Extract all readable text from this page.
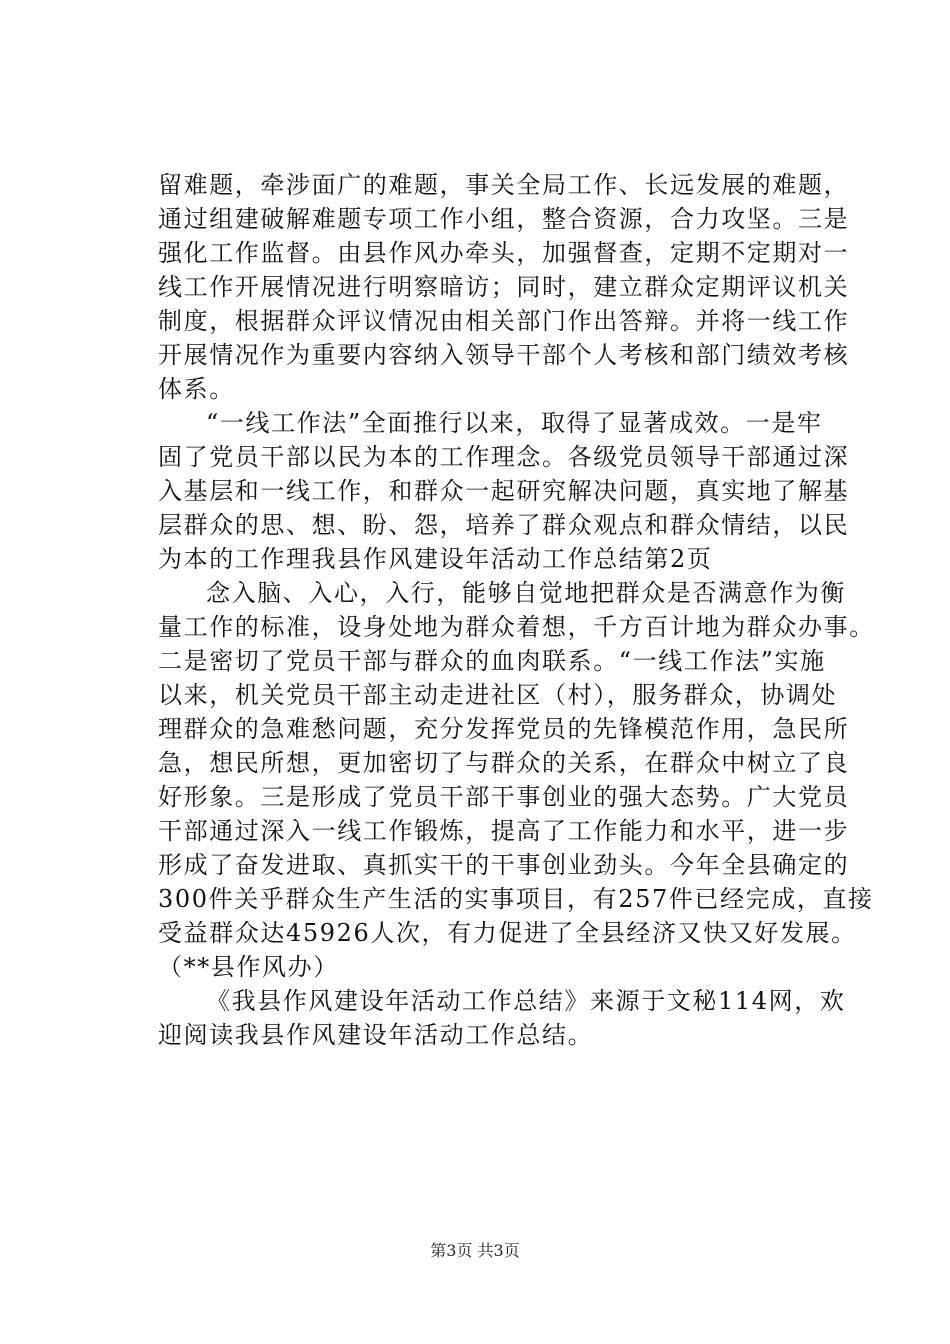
留难题，牵涉面广的难题，事关全局工作、长远发展的难题，
通过组建破解难题专项工作小组，整合资源，合力攻坚。三是
强化工作监督。由县作风办牵头，加强督查，定期不定期对一
线工作开展情况进行明察暗访；同时，建立群众定期评议机关
制度，根据群众评议情况由相关部门作出答辩。并将一线工作
开展情况作为重要内容纳入领导干部个人考核和部门绩效考核
体系。
“一线工作法”全面推行以来，取得了显著成效。一是牢
固了党员干部以民为本的工作理念。各级党员领导干部通过深
入基层和一线工作，和群众一起研究解决问题，真实地了解基
层群众的思、想、盼、怨，培养了群众观点和群众情结，以民
为本的工作理我县作风建设年活动工作总结第2页
念入脑、入心，入行，能够自觉地把群众是否满意作为衡
量工作的标准，设身处地为群众着想，千方百计地为群众办事。
二是密切了党员干部与群众的血肉联系。“一线工作法”实施
以来，机关党员干部主动走进社区（村），服务群众，协调处
理群众的急难愁问题，充分发挥党员的先锋模范作用，急民所
急，想民所想，更加密切了与群众的关系，在群众中树立了良
好形象。三是形成了党员干部干事创业的强大态势。广大党员
干部通过深入一线工作锻炼，提高了工作能力和水平，进一步
形成了奋发进取、真抓实干的干事创业劲头。今年全县确定的
300件关乎群众生产生活的实事项目，有257件已经完成，直接
受益群众达45926人次，有力促进了全县经济又快又好发展。
（**县作风办）
《我县作风建设年活动工作总结》来源于文秘114网，欢
迎阅读我县作风建设年活动工作总结。
第3页 共3页
